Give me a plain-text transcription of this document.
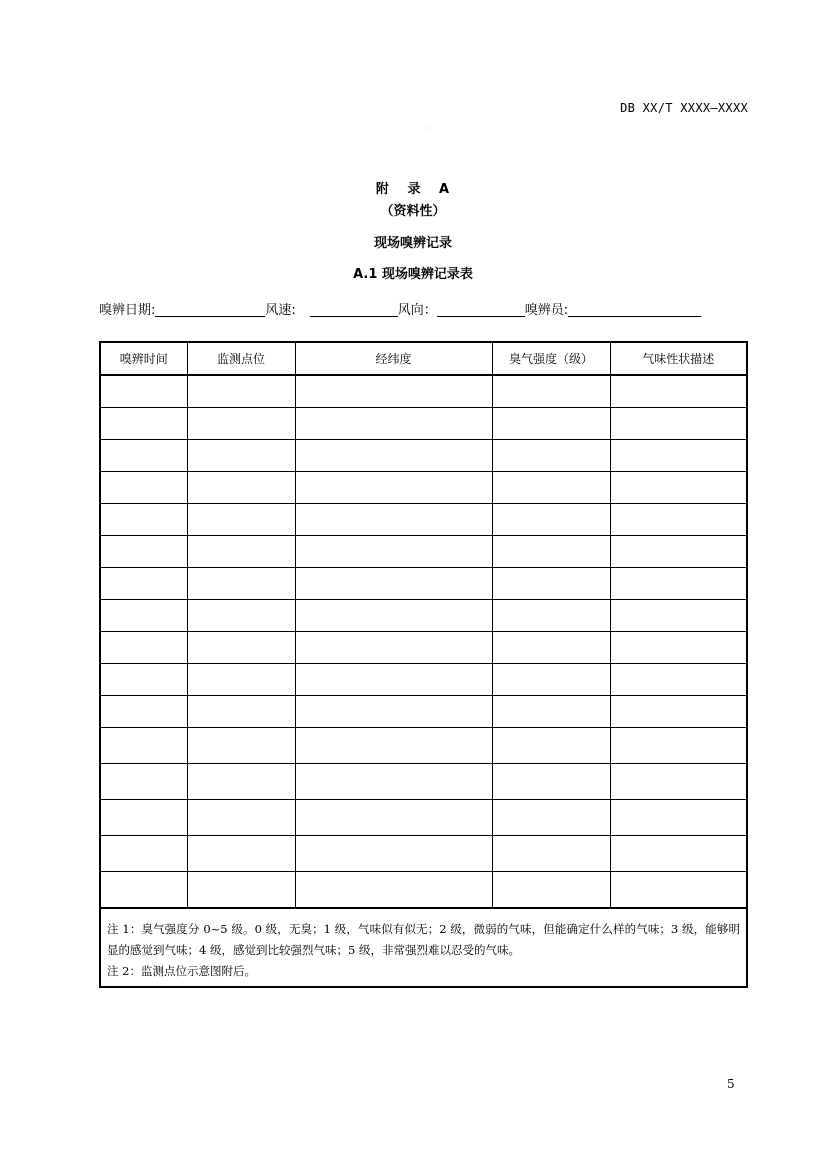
DB XX/T XXXX—XXXX
· ·
附 录 A
（资料性）
现场嗅辨记录
A.1 现场嗅辨记录表
嗅辨日期:	风速:	风向：	嗅辨员:
嗅辨时间	监测点位	经纬度	臭气强度（级）	气味性状描述

注 1：臭气强度分 0~5 级。0 级，无臭；1 级，气味似有似无；2 级，微弱的气味，但能确定什么样的气味；3 级，能够明显的感觉到气味；4 级，感觉到比较强烈气味；5 级，非常强烈难以忍受的气味。
注 2：监测点位示意图附后。				
5
